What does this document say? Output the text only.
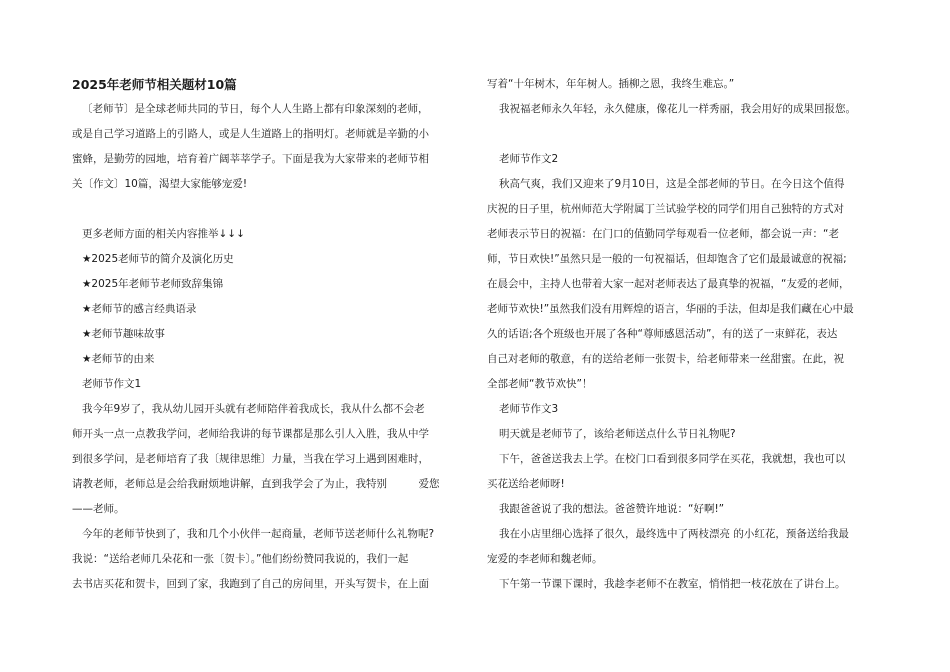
2025年老师节相关题材10篇
〔老师节〕是全球老师共同的节日，每个人人生路上都有印象深刻的老师，
或是自己学习道路上的引路人，或是人生道路上的指明灯。老师就是辛勤的小
蜜蜂，是勤劳的园地，培育着广阔莘莘学子。下面是我为大家带来的老师节相
关〔作文〕10篇，渴望大家能够宠爱!
更多老师方面的相关内容推举↓↓↓
★2025老师节的简介及演化历史
★2025年老师节老师致辞集锦
★老师节的感言经典语录
★老师节趣味故事
★老师节的由来
老师节作文1
我今年9岁了，我从幼儿园开头就有老师陪伴着我成长，我从什么都不会老
师开头一点一点教我学问，老师给我讲的每节课都是那么引人入胜，我从中学
到很多学问，是老师培育了我〔规律思维〕力量，当我在学习上遇到困难时，
请教老师，老师总是会给我耐烦地讲解，直到我学会了为止，我特别　　　爱您
——老师。
今年的老师节快到了，我和几个小伙伴一起商量，老师节送老师什么礼物呢?
我说：“送给老师几朵花和一张〔贺卡〕。”他们纷纷赞同我说的，我们一起
去书店买花和贺卡，回到了家，我跑到了自己的房间里，开头写贺卡，在上面
写着“十年树木，年年树人。插柳之恩，我终生难忘。”
我祝福老师永久年轻，永久健康，像花儿一样秀丽，我会用好的成果回报您。
老师节作文2
秋高气爽，我们又迎来了9月10日，这是全部老师的节日。在今日这个值得
庆祝的日子里，杭州师范大学附属丁兰试验学校的同学们用自己独特的方式对
老师表示节日的祝福：在门口的值勤同学每观看一位老师，都会说一声：“老
师，节日欢快!”虽然只是一般的一句祝福话，但却饱含了它们最最诚意的祝福;
在晨会中，主持人也带着大家一起对老师表达了最真挚的祝福，“友爱的老师，
老师节欢快!”虽然我们没有用辉煌的语言，华丽的手法，但却是我们藏在心中最
久的话语;各个班级也开展了各种“尊师感恩活动”，有的送了一束鲜花，表达
自己对老师的敬意，有的送给老师一张贺卡，给老师带来一丝甜蜜。在此，祝
全部老师“教节欢快”！
老师节作文3
明天就是老师节了，该给老师送点什么节日礼物呢?
下午，爸爸送我去上学。在校门口看到很多同学在买花，我就想，我也可以
买花送给老师呀!
我跟爸爸说了我的想法。爸爸赞许地说：“好啊!”
我在小店里细心选择了很久，最终选中了两枝漂亮 的小红花，预备送给我最
宠爱的李老师和魏老师。
下午第一节课下课时，我趁李老师不在教室，悄悄把一枝花放在了讲台上。
